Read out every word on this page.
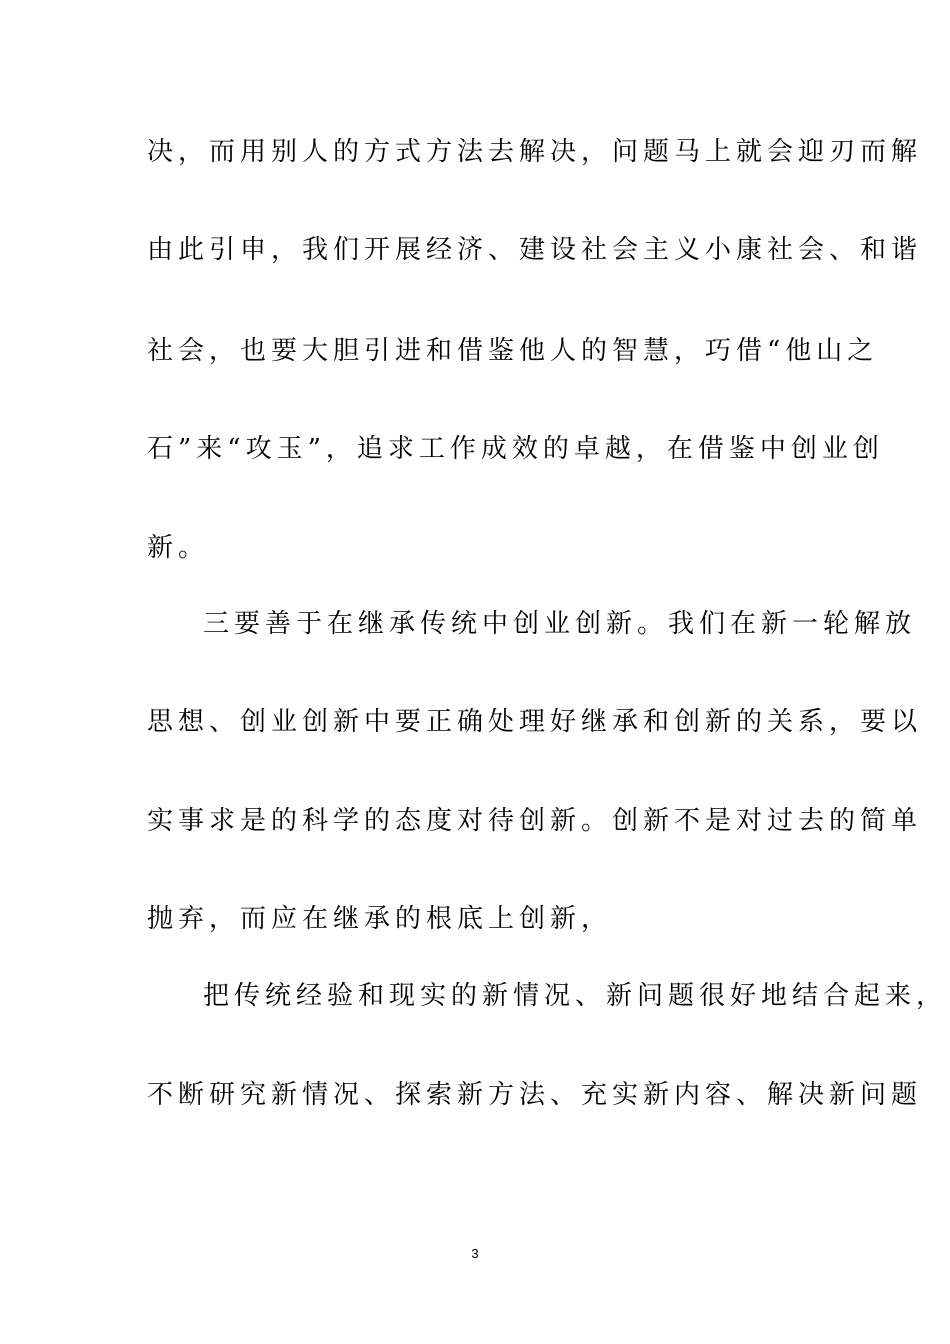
决，而用别人的方式方法去解决，问题马上就会迎刃而解
由此引申，我们开展经济、建设社会主义小康社会、和谐
社会，也要大胆引进和借鉴他人的智慧，巧借“他山之
石”来“攻玉”，追求工作成效的卓越，在借鉴中创业创
新。
三要善于在继承传统中创业创新。我们在新一轮解放
思想、创业创新中要正确处理好继承和创新的关系，要以
实事求是的科学的态度对待创新。创新不是对过去的简单
抛弃，而应在继承的根底上创新，
把传统经验和现实的新情况、新问题很好地结合起来，
不断研究新情况、探索新方法、充实新内容、解决新问题
3
